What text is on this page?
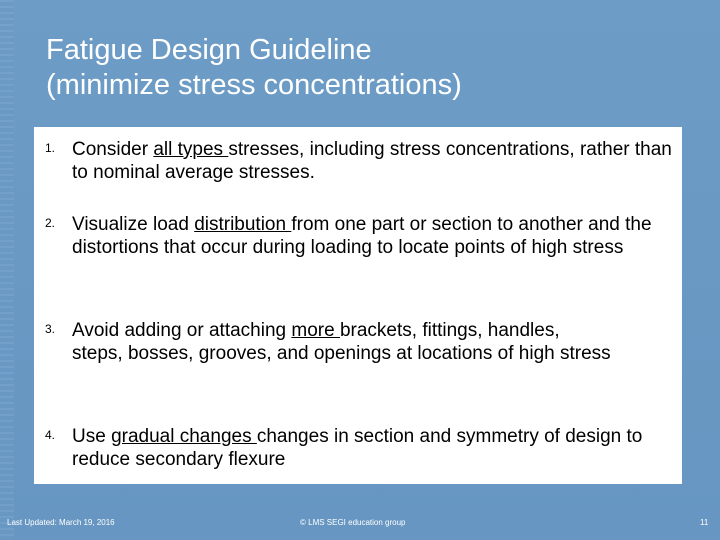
Fatigue Design Guideline
(minimize stress concentrations)
1. Consider all types stresses, including stress concentrations, rather than to nominal average stresses.
2. Visualize load distribution from one part or section to another and the distortions that occur during loading to locate points of high stress
3. Avoid adding or attaching more brackets, fittings, handles, steps, bosses, grooves, and openings at locations of high stress
4. Use gradual changes changes in section and symmetry of design to reduce secondary flexure
Last Updated: March 19, 2016	© LMS SEGI education group	11
